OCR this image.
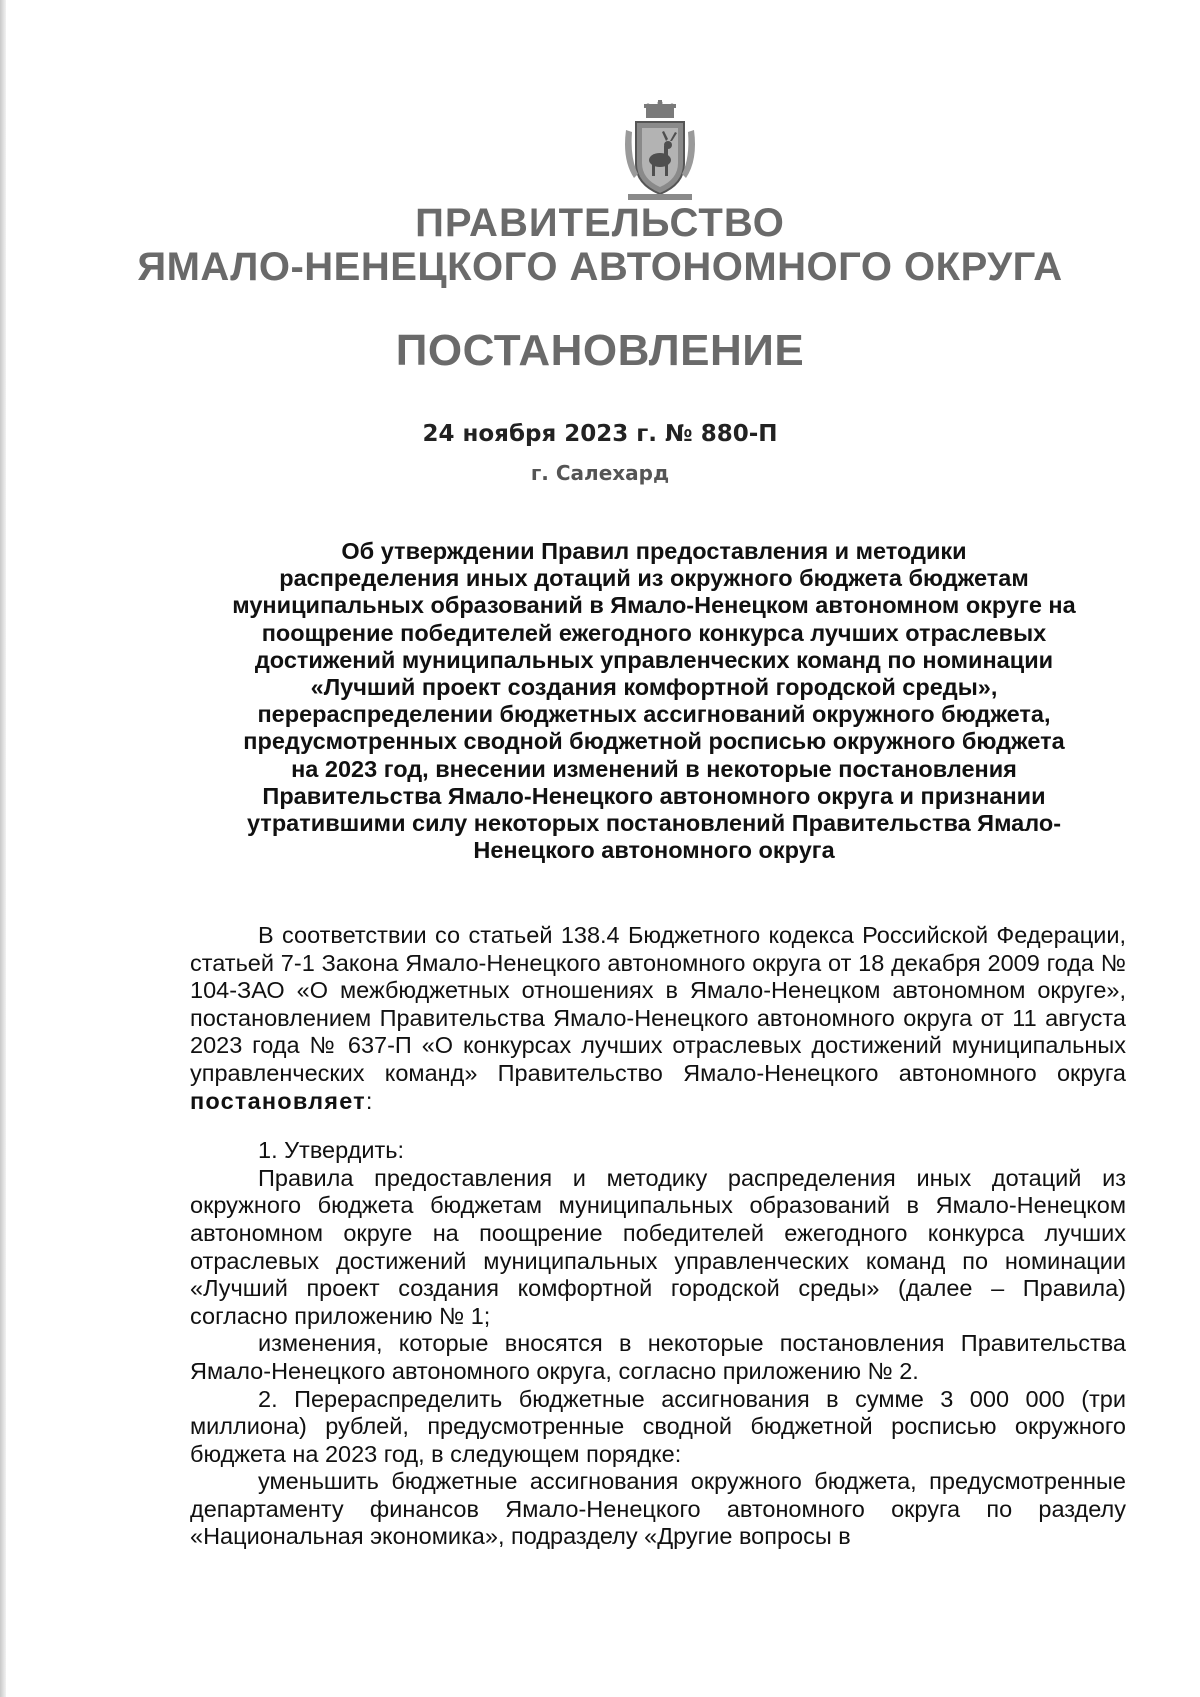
ПРАВИТЕЛЬСТВО
ЯМАЛО-НЕНЕЦКОГО АВТОНОМНОГО ОКРУГА
ПОСТАНОВЛЕНИЕ
24 ноября 2023 г. № 880-П
г. Салехард
Об утверждении Правил предоставления и методики
распределения иных дотаций из окружного бюджета бюджетам
муниципальных образований в Ямало-Ненецком автономном округе на
поощрение победителей ежегодного конкурса лучших отраслевых
достижений муниципальных управленческих команд по номинации
«Лучший проект создания комфортной городской среды»,
перераспределении бюджетных ассигнований окружного бюджета,
предусмотренных сводной бюджетной росписью окружного бюджета
на 2023 год, внесении изменений в некоторые постановления
Правительства Ямало-Ненецкого автономного округа и признании
утратившими силу некоторых постановлений Правительства Ямало-
Ненецкого автономного округа

В соответствии со статьей 138.4 Бюджетного кодекса Российской Федерации, статьей 7-1 Закона Ямало-Ненецкого автономного округа от 18 декабря 2009 года № 104-ЗАО «О межбюджетных отношениях в Ямало-Ненецком автономном округе», постановлением Правительства Ямало-Ненецкого автономного округа от 11 августа 2023 года № 637-П «О конкурсах лучших отраслевых достижений муниципальных управленческих команд» Правительство Ямало-Ненецкого автономного округа постановляет:

1. Утвердить:

Правила предоставления и методику распределения иных дотаций из окружного бюджета бюджетам муниципальных образований в Ямало-Ненецком автономном округе на поощрение победителей ежегодного конкурса лучших отраслевых достижений муниципальных управленческих команд по номинации «Лучший проект создания комфортной городской среды» (далее – Правила) согласно приложению № 1;

изменения, которые вносятся в некоторые постановления Правительства Ямало-Ненецкого автономного округа, согласно приложению № 2.

2. Перераспределить бюджетные ассигнования в сумме 3 000 000 (три миллиона) рублей, предусмотренные сводной бюджетной росписью окружного бюджета на 2023 год, в следующем порядке:

уменьшить бюджетные ассигнования окружного бюджета, предусмотренные департаменту финансов Ямало-Ненецкого автономного округа по разделу «Национальная экономика», подразделу «Другие вопросы в
